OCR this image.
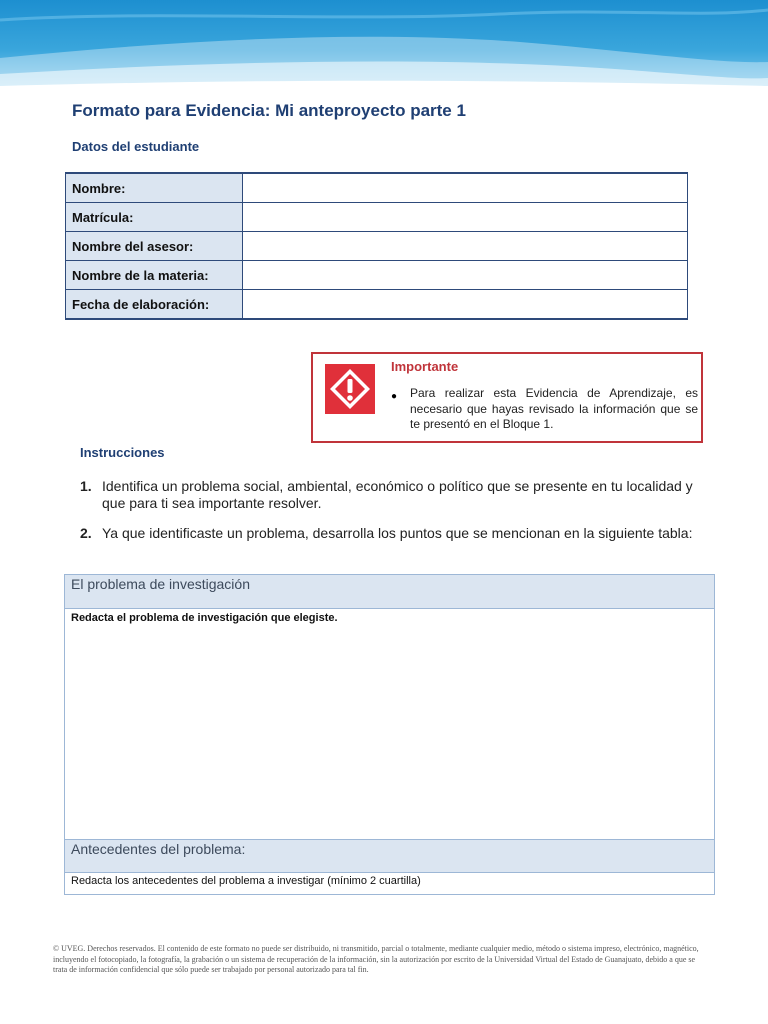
Formato para Evidencia: Mi anteproyecto parte 1
Datos del estudiante
Nombre:	
Matrícula:	
Nombre del asesor:	
Nombre de la materia:	
Fecha de elaboración:	
Importante
● Para realizar esta Evidencia de Aprendizaje, es necesario que hayas revisado la información que se te presentó en el Bloque 1.
Instrucciones
1. Identifica un problema social, ambiental, económico o político que se presente en tu localidad y que para ti sea importante resolver.
2. Ya que identificaste un problema, desarrolla los puntos que se mencionan en la siguiente tabla:
El problema de investigación
Redacta el problema de investigación que elegiste.
Antecedentes del problema:
Redacta los antecedentes del problema a investigar (mínimo 2 cuartilla)
© UVEG. Derechos reservados. El contenido de este formato no puede ser distribuido, ni transmitido, parcial o totalmente, mediante cualquier medio, método o sistema impreso, electrónico, magnético, incluyendo el fotocopiado, la fotografía, la grabación o un sistema de recuperación de la información, sin la autorización por escrito de la Universidad Virtual del Estado de Guanajuato, debido a que se trata de información confidencial que sólo puede ser trabajado por personal autorizado para tal fin.
